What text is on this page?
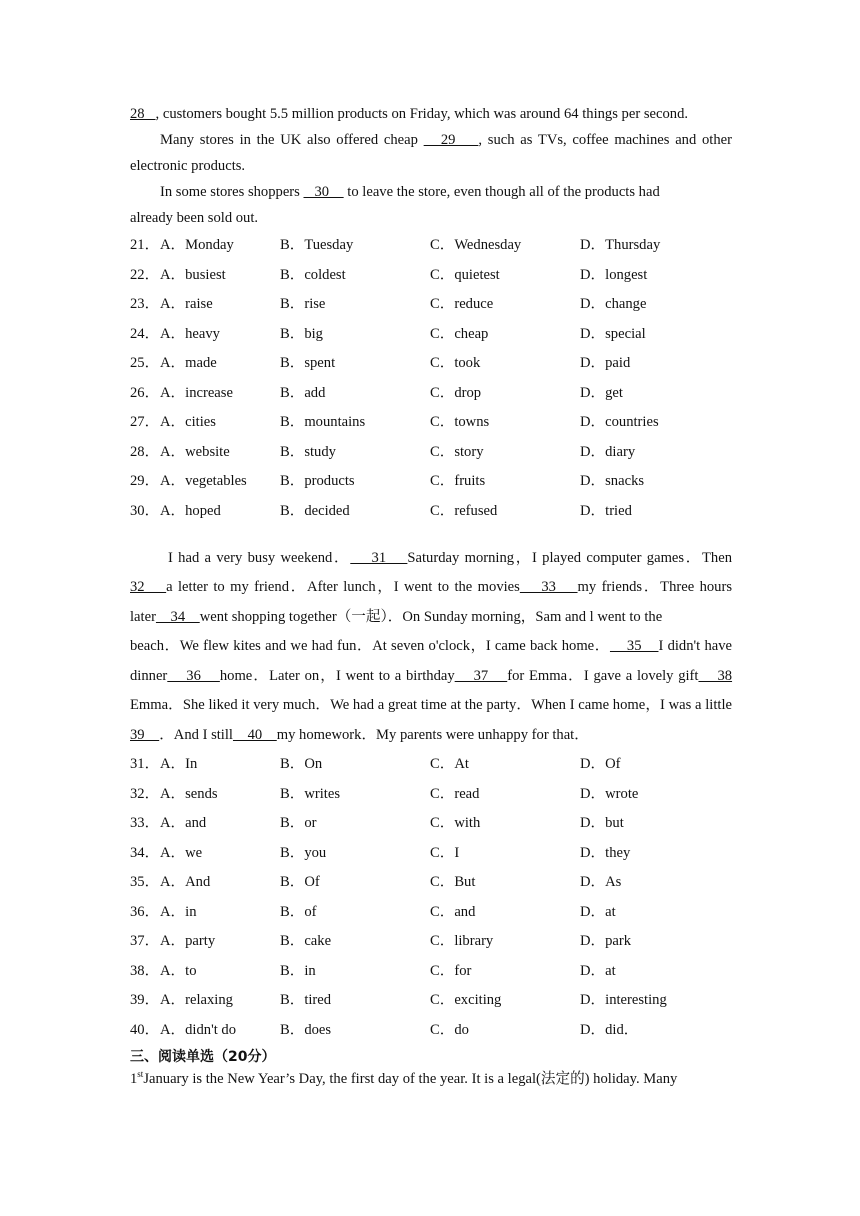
28   , customers bought 5.5 million products on Friday, which was around 64 things per second.
Many stores in the UK also offered cheap    29    , such as TVs, coffee machines and other
electronic products.
In some stores shoppers    30     to leave the store, even though all of the products had
already been sold out.
21． A．Monday	B．Tuesday	C．Wednesday	D．Thursday
22． A．busiest	B．coldest	C．quietest	D．longest
23． A．raise	B．rise	C．reduce	D．change
24． A．heavy	B．big	C．cheap	D．special
25． A．made	B．spent	C．took	D．paid
26． A．increase	B．add	C．drop	D．get
27． A．cities	B．mountains	C．towns	D．countries
28． A．website	B．study	C．story	D．diary
29． A．vegetables B．products	C．fruits	D．snacks
30． A．hoped	B．decided	C．refused	D．tried
I had a very busy weekend．    31    Saturday morning，I played computer games．Then
32    a letter to my friend．After lunch，I went to the movies    33    my friends．Three hours
later    34    went shopping together（一起）．On Sunday morning，Sam and l went to the
beach．We flew kites and we had fun．At seven o'clock，I came back home．    35    I didn't have
dinner    36    home．Later on，I went to a birthday    37    for Emma．I gave a lovely gift    38
Emma．She liked it very much．We had a great time at the party．When I came home，I was a little
39    ．And I still    40    my homework．My parents were unhappy for that．
31． A．In	B．On	C．At	D．Of
32． A．sends	B．writes	C．read	D．wrote
33． A．and	B．or	C．with	D．but
34． A．we	B．you	C．I	D．they
35． A．And	B．Of	C．But	D．As
36． A．in	B．of	C．and	D．at
37． A．party	B．cake	C．library	D．park
38． A．to	B．in	C．for	D．at
39． A．relaxing	B．tired	C．exciting	D．interesting
40． A．didn't do	B．does	C．do	D．did．
三、阅读单选（20分）
1stJanuary is the New Year’s Day, the first day of the year. It is a legal(法定的) holiday. Many
